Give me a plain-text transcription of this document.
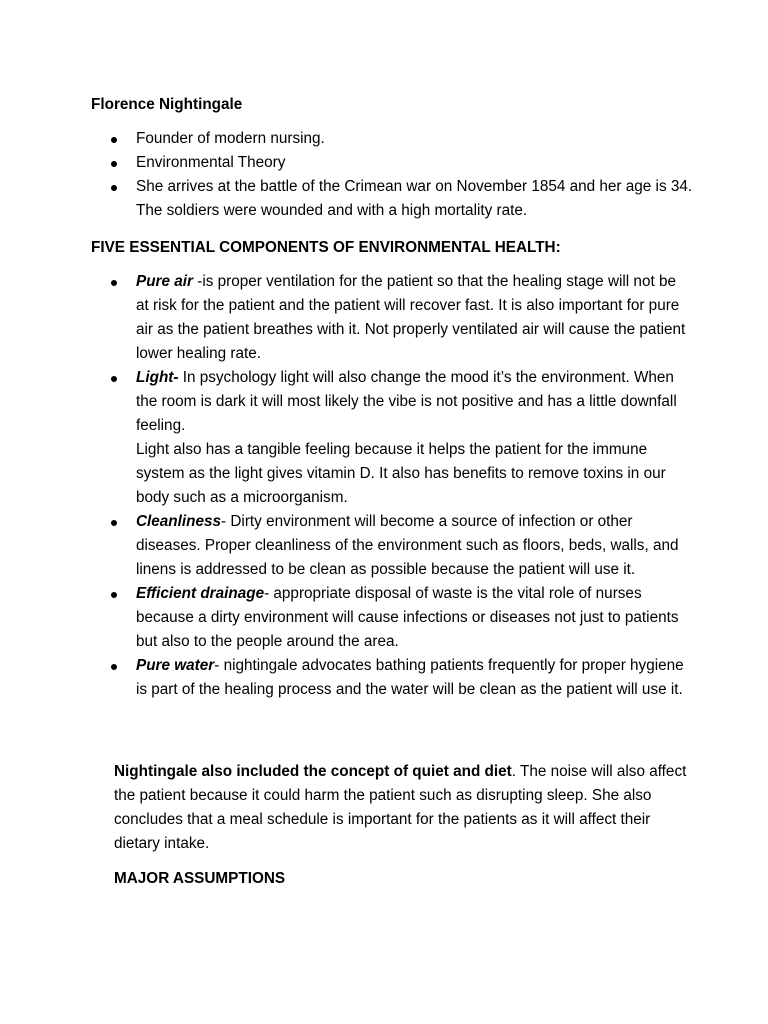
Florence Nightingale
Founder of modern nursing.
Environmental Theory
She arrives at the battle of the Crimean war on November 1854 and her age is 34. The soldiers were wounded and with a high mortality rate.
FIVE ESSENTIAL COMPONENTS OF ENVIRONMENTAL HEALTH:
Pure air -is proper ventilation for the patient so that the healing stage will not be at risk for the patient and the patient will recover fast. It is also important for pure air as the patient breathes with it. Not properly ventilated air will cause the patient lower healing rate.
Light- In psychology light will also change the mood it’s the environment. When the room is dark it will most likely the vibe is not positive and has a little downfall feeling.
Light also has a tangible feeling because it helps the patient for the immune system as the light gives vitamin D. It also has benefits to remove toxins in our body such as a microorganism.
Cleanliness- Dirty environment will become a source of infection or other diseases. Proper cleanliness of the environment such as floors, beds, walls, and linens is addressed to be clean as possible because the patient will use it.
Efficient drainage- appropriate disposal of waste is the vital role of nurses because a dirty environment will cause infections or diseases not just to patients but also to the people around the area.
Pure water- nightingale advocates bathing patients frequently for proper hygiene is part of the healing process and the water will be clean as the patient will use it.
Nightingale also included the concept of quiet and diet. The noise will also affect the patient because it could harm the patient such as disrupting sleep. She also concludes that a meal schedule is important for the patients as it will affect their dietary intake.
MAJOR ASSUMPTIONS
